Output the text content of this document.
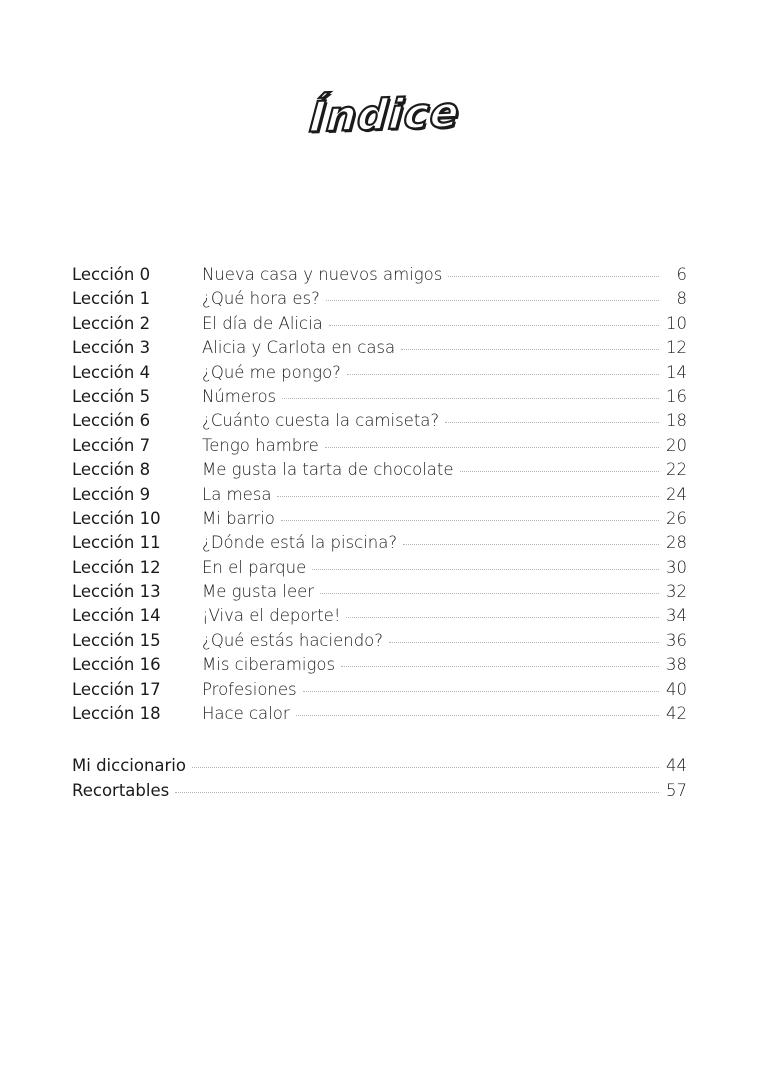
Índice
Lección 0	Nueva casa y nuevos amigos	6
Lección 1	¿Qué hora es?	8
Lección 2	El día de Alicia	10
Lección 3	Alicia y Carlota en casa	12
Lección 4	¿Qué me pongo?	14
Lección 5	Números	16
Lección 6	¿Cuánto cuesta la camiseta?	18
Lección 7	Tengo hambre	20
Lección 8	Me gusta la tarta de chocolate	22
Lección 9	La mesa	24
Lección 10	Mi barrio	26
Lección 11	¿Dónde está la piscina?	28
Lección 12	En el parque	30
Lección 13	Me gusta leer	32
Lección 14	¡Viva el deporte!	34
Lección 15	¿Qué estás haciendo?	36
Lección 16	Mis ciberamigos	38
Lección 17	Profesiones	40
Lección 18	Hace calor	42
Mi diccionario	44
Recortables	57
